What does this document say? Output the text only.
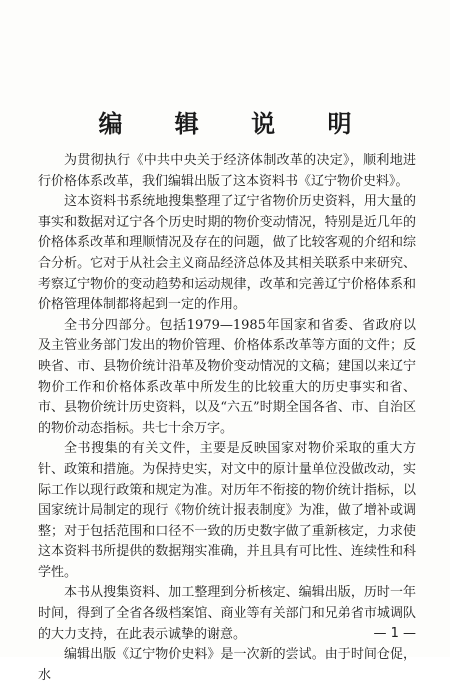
编 辑 说 明

为贯彻执行《中共中央关于经济体制改革的决定》，顺利地进行价格体系改革，我们编辑出版了这本资料书《辽宁物价史料》。

这本资料书系统地搜集整理了辽宁省物价历史资料，用大量的事实和数据对辽宁各个历史时期的物价变动情况，特别是近几年的价格体系改革和理顺情况及存在的问题，做了比较客观的介绍和综合分析。它对于从社会主义商品经济总体及其相关联系中来研究、考察辽宁物价的变动趋势和运动规律，改革和完善辽宁价格体系和价格管理体制都将起到一定的作用。

全书分四部分。包括1979—1985年国家和省委、省政府以及主管业务部门发出的物价管理、价格体系改革等方面的文件；反映省、市、县物价统计沿革及物价变动情况的文稿；建国以来辽宁物价工作和价格体系改革中所发生的比较重大的历史事实和省、市、县物价统计历史资料，以及“六五”时期全国各省、市、自治区的物价动态指标。共七十余万字。

全书搜集的有关文件，主要是反映国家对物价采取的重大方针、政策和措施。为保持史实，对文中的原计量单位没做改动，实际工作以现行政策和规定为准。对历年不衔接的物价统计指标，以国家统计局制定的现行《物价统计报表制度》为准，做了增补或调整；对于包括范围和口径不一致的历史数字做了重新核定，力求使这本资料书所提供的数据翔实准确，并且具有可比性、连续性和科学性。

本书从搜集资料、加工整理到分析核定、编辑出版，历时一年时间，得到了全省各级档案馆、商业等有关部门和兄弟省市城调队的大力支持，在此表示诚挚的谢意。

编辑出版《辽宁物价史料》是一次新的尝试。由于时间仓促，水

— 1 —
